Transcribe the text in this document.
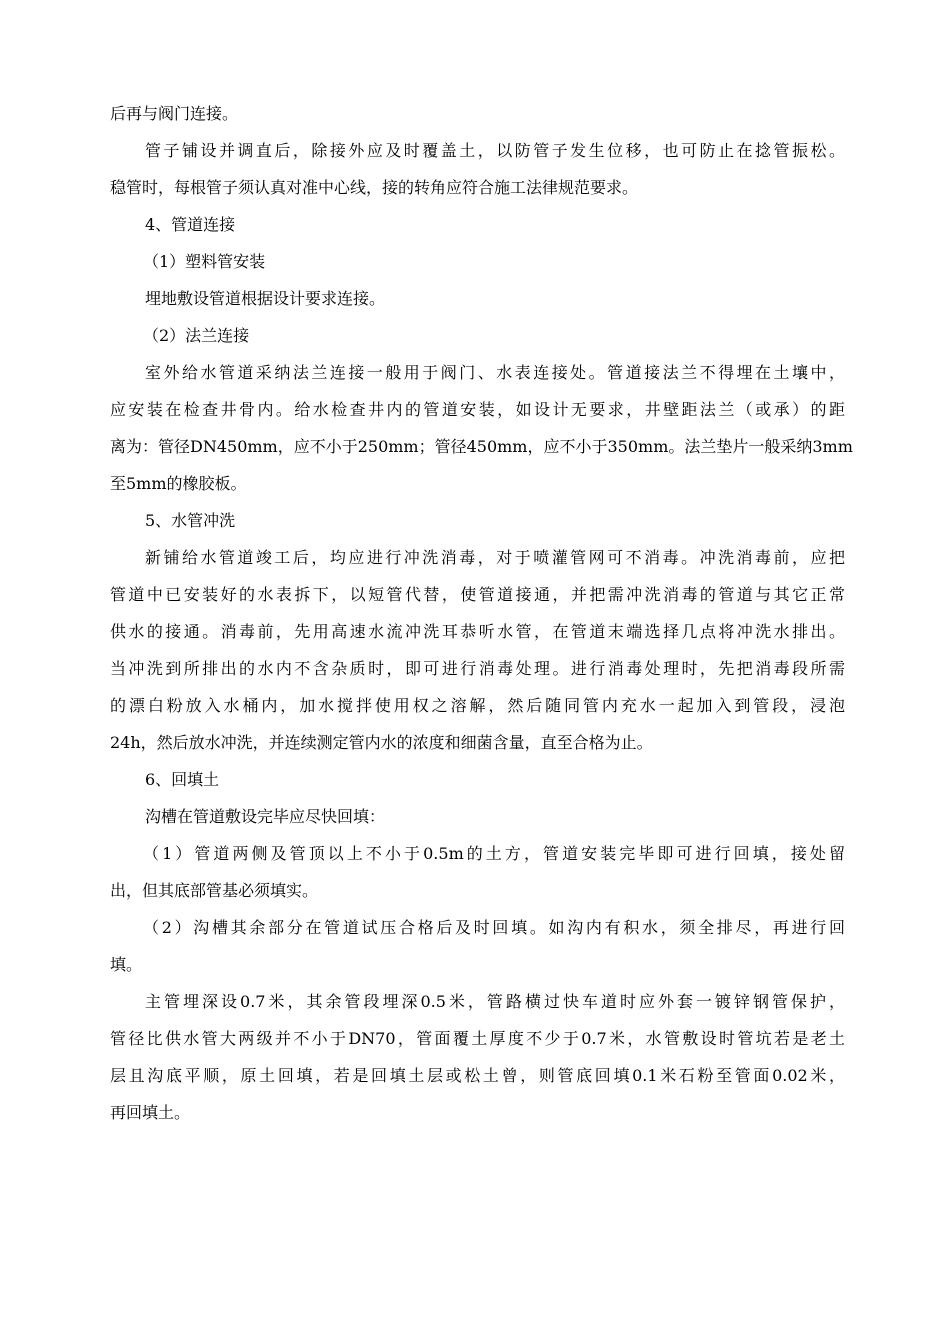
后再与阀门连接。

管子铺设并调直后，除接外应及时覆盖土，以防管子发生位移，也可防止在捻管振松。

稳管时，每根管子须认真对准中心线，接的转角应符合施工法律规范要求。

4、管道连接

（1）塑料管安装

埋地敷设管道根据设计要求连接。

（2）法兰连接

室外给水管道采纳法兰连接一般用于阀门、水表连接处。管道接法兰不得埋在土壤中，

应安装在检查井骨内。给水检查井内的管道安装，如设计无要求，井壁距法兰（或承）的距

离为：管径DN450mm，应不小于250mm；管径450mm，应不小于350mm。法兰垫片一般采纳3mm

至5mm的橡胶板。

5、水管冲洗

新铺给水管道竣工后，均应进行冲洗消毒，对于喷灌管网可不消毒。冲洗消毒前，应把

管道中已安装好的水表拆下，以短管代替，使管道接通，并把需冲洗消毒的管道与其它正常

供水的接通。消毒前，先用高速水流冲洗耳恭听水管，在管道末端选择几点将冲洗水排出。

当冲洗到所排出的水内不含杂质时，即可进行消毒处理。进行消毒处理时，先把消毒段所需

的漂白粉放入水桶内，加水搅拌使用权之溶解，然后随同管内充水一起加入到管段，浸泡

24h，然后放水冲洗，并连续测定管内水的浓度和细菌含量，直至合格为止。

6、回填土

沟槽在管道敷设完毕应尽快回填：

（1）管道两侧及管顶以上不小于0.5m的土方，管道安装完毕即可进行回填，接处留

出，但其底部管基必须填实。

（2）沟槽其余部分在管道试压合格后及时回填。如沟内有积水，须全排尽，再进行回

填。

主管埋深设0.7米，其余管段埋深0.5米，管路横过快车道时应外套一镀锌钢管保护，

管径比供水管大两级并不小于DN70，管面覆土厚度不少于0.7米，水管敷设时管坑若是老土

层且沟底平顺，原土回填，若是回填土层或松土曾，则管底回填0.1米石粉至管面0.02米，

再回填土。
